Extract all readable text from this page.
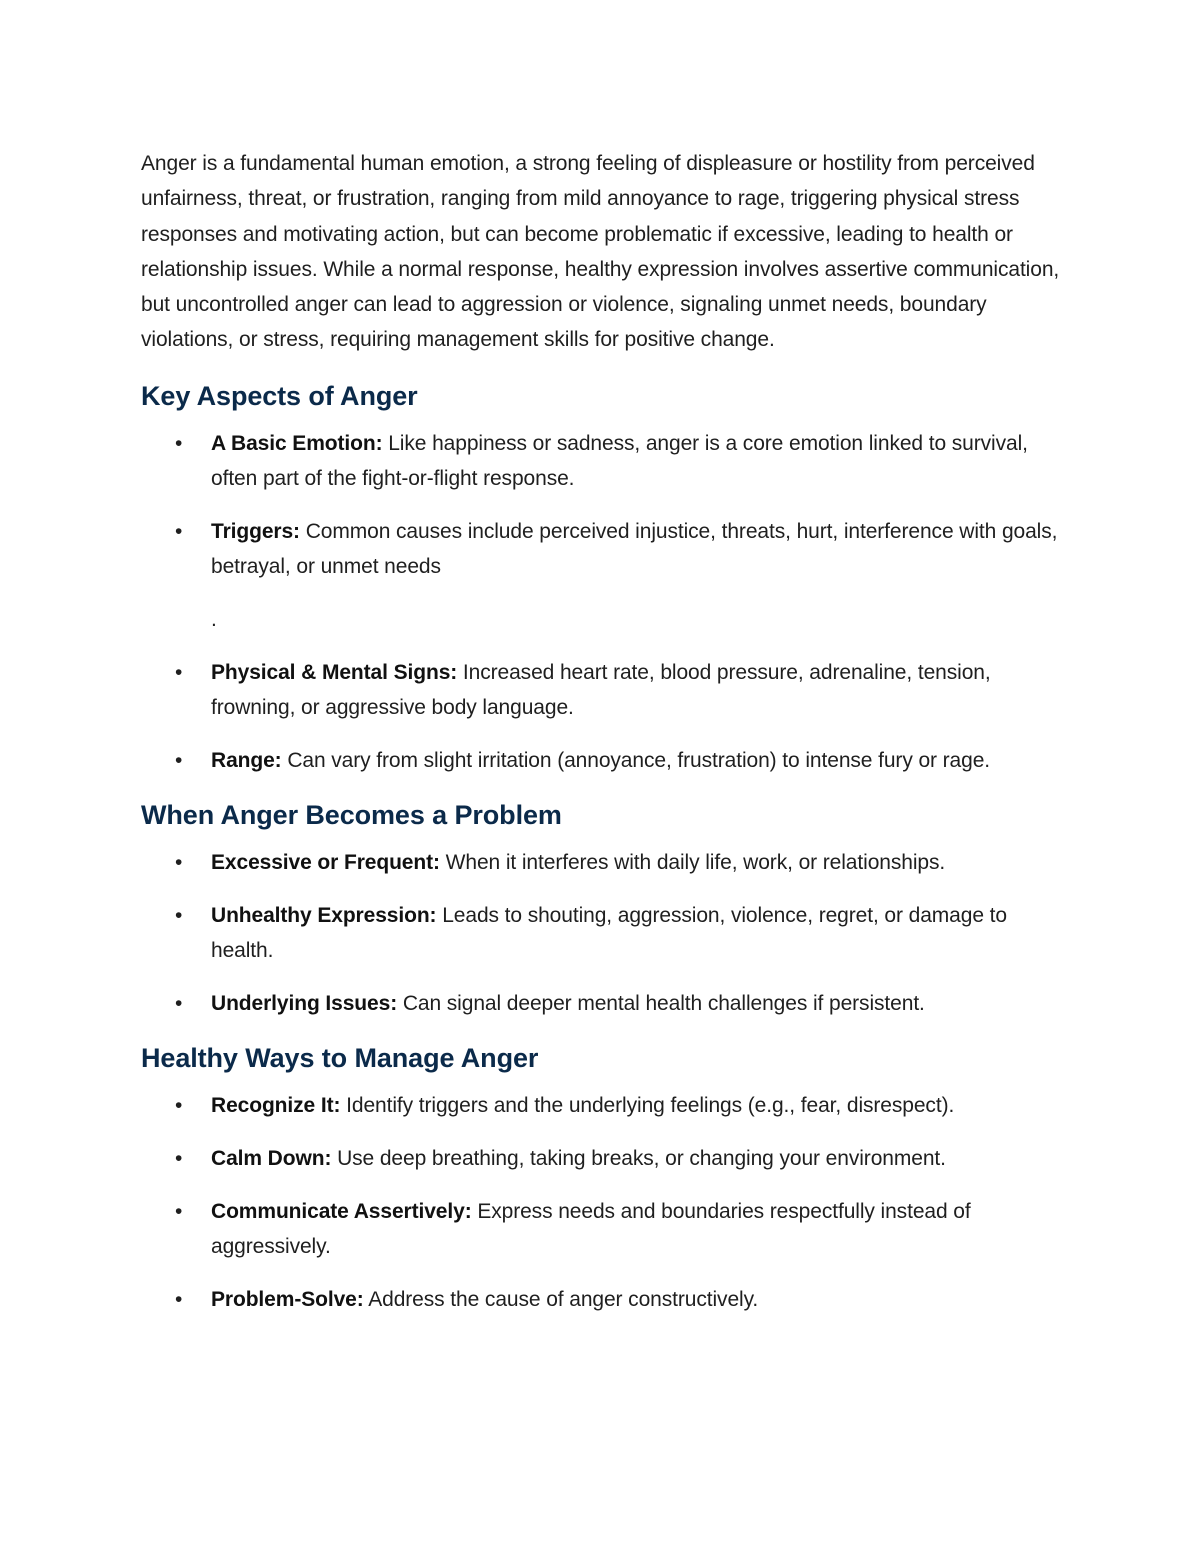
Anger is a fundamental human emotion, a strong feeling of displeasure or hostility from perceived unfairness, threat, or frustration, ranging from mild annoyance to rage, triggering physical stress responses and motivating action, but can become problematic if excessive, leading to health or relationship issues. While a normal response, healthy expression involves assertive communication, but uncontrolled anger can lead to aggression or violence, signaling unmet needs, boundary violations, or stress, requiring management skills for positive change.

Key Aspects of Anger
• A Basic Emotion: Like happiness or sadness, anger is a core emotion linked to survival, often part of the fight-or-flight response.
• Triggers: Common causes include perceived injustice, threats, hurt, interference with goals, betrayal, or unmet needs
.
• Physical & Mental Signs: Increased heart rate, blood pressure, adrenaline, tension, frowning, or aggressive body language.
• Range: Can vary from slight irritation (annoyance, frustration) to intense fury or rage.
When Anger Becomes a Problem
• Excessive or Frequent: When it interferes with daily life, work, or relationships.
• Unhealthy Expression: Leads to shouting, aggression, violence, regret, or damage to health.
• Underlying Issues: Can signal deeper mental health challenges if persistent.
Healthy Ways to Manage Anger
• Recognize It: Identify triggers and the underlying feelings (e.g., fear, disrespect).
• Calm Down: Use deep breathing, taking breaks, or changing your environment.
• Communicate Assertively: Express needs and boundaries respectfully instead of aggressively.
• Problem-Solve: Address the cause of anger constructively.
